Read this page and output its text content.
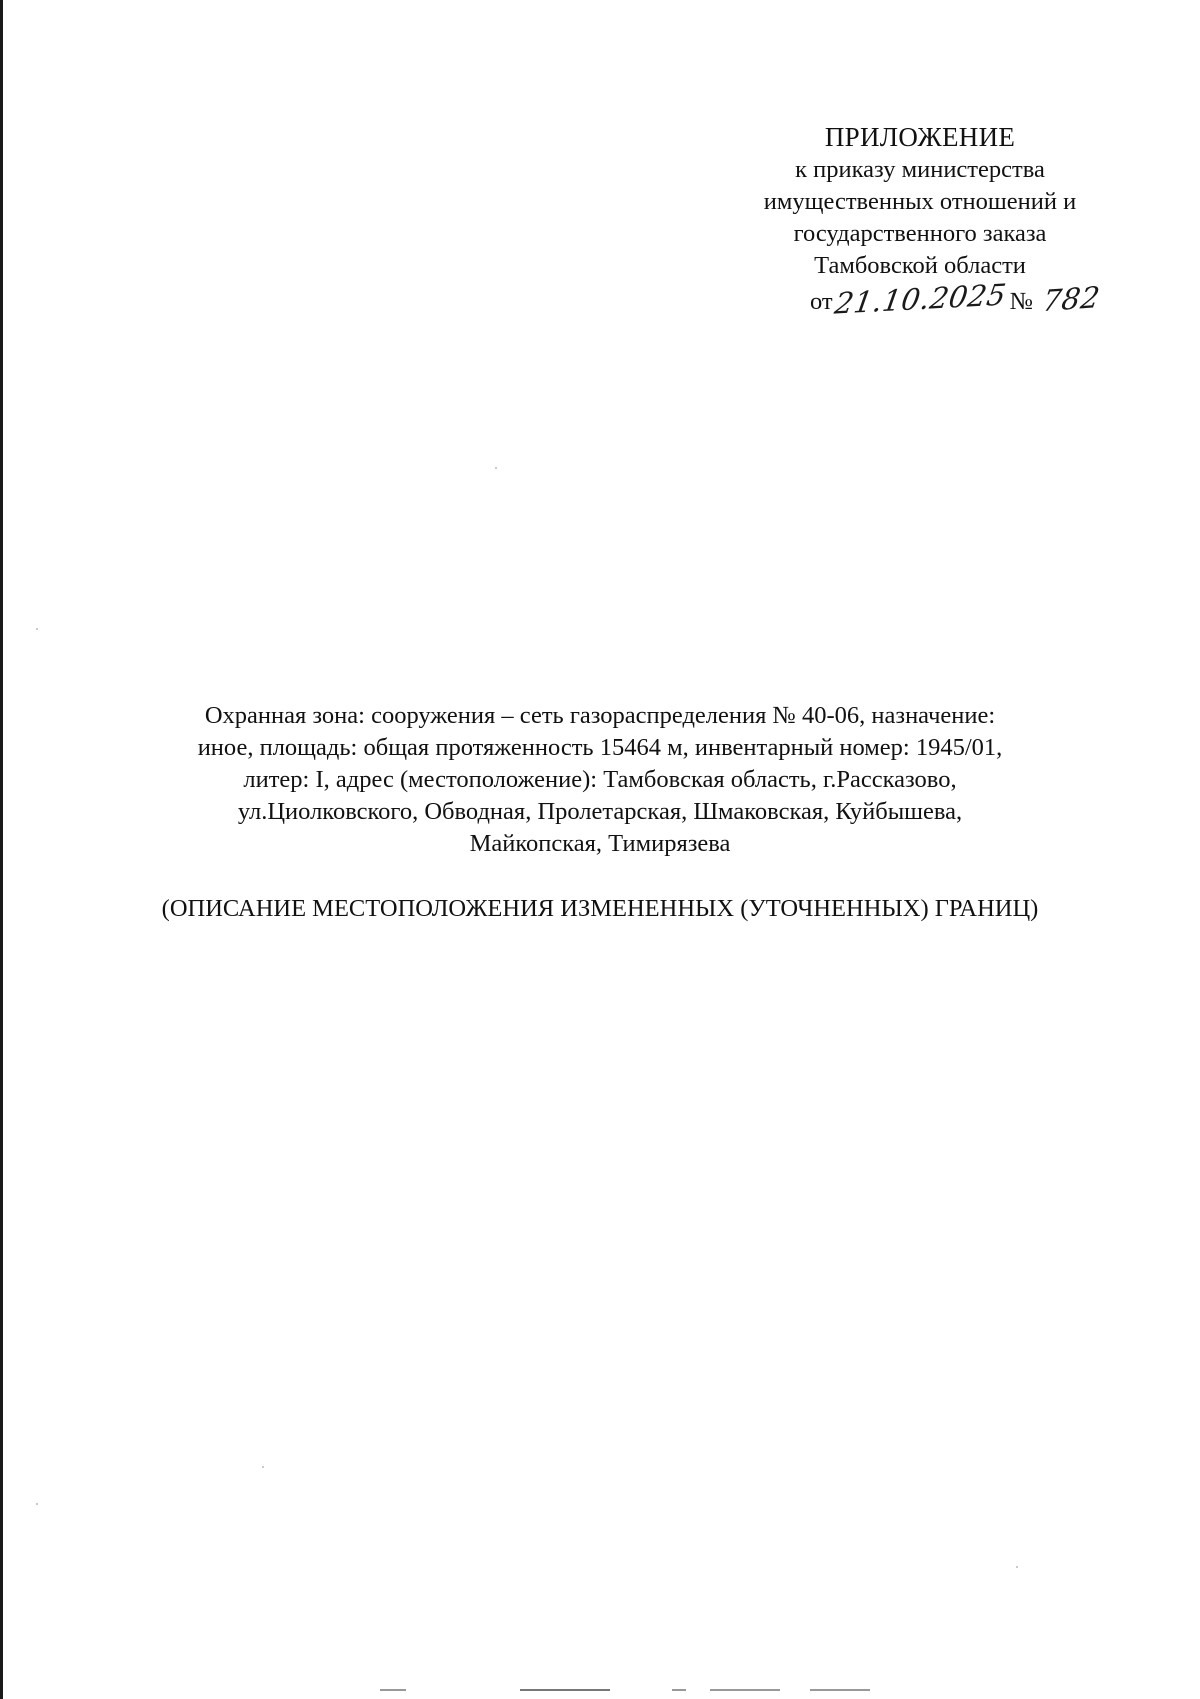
ПРИЛОЖЕНИЕ
к приказу министерства
имущественных отношений и
государственного заказа
Тамбовской области
от21.10.2025№ 782
Охранная зона: сооружения – сеть газораспределения № 40-06, назначение:
иное, площадь: общая протяженность 15464 м, инвентарный номер: 1945/01,
литер: I, адрес (местоположение): Тамбовская область, г.Рассказово,
ул.Циолковского, Обводная, Пролетарская, Шмаковская, Куйбышева,
Майкопская, Тимирязева
(ОПИСАНИЕ МЕСТОПОЛОЖЕНИЯ ИЗМЕНЕННЫХ (УТОЧНЕННЫХ) ГРАНИЦ)
